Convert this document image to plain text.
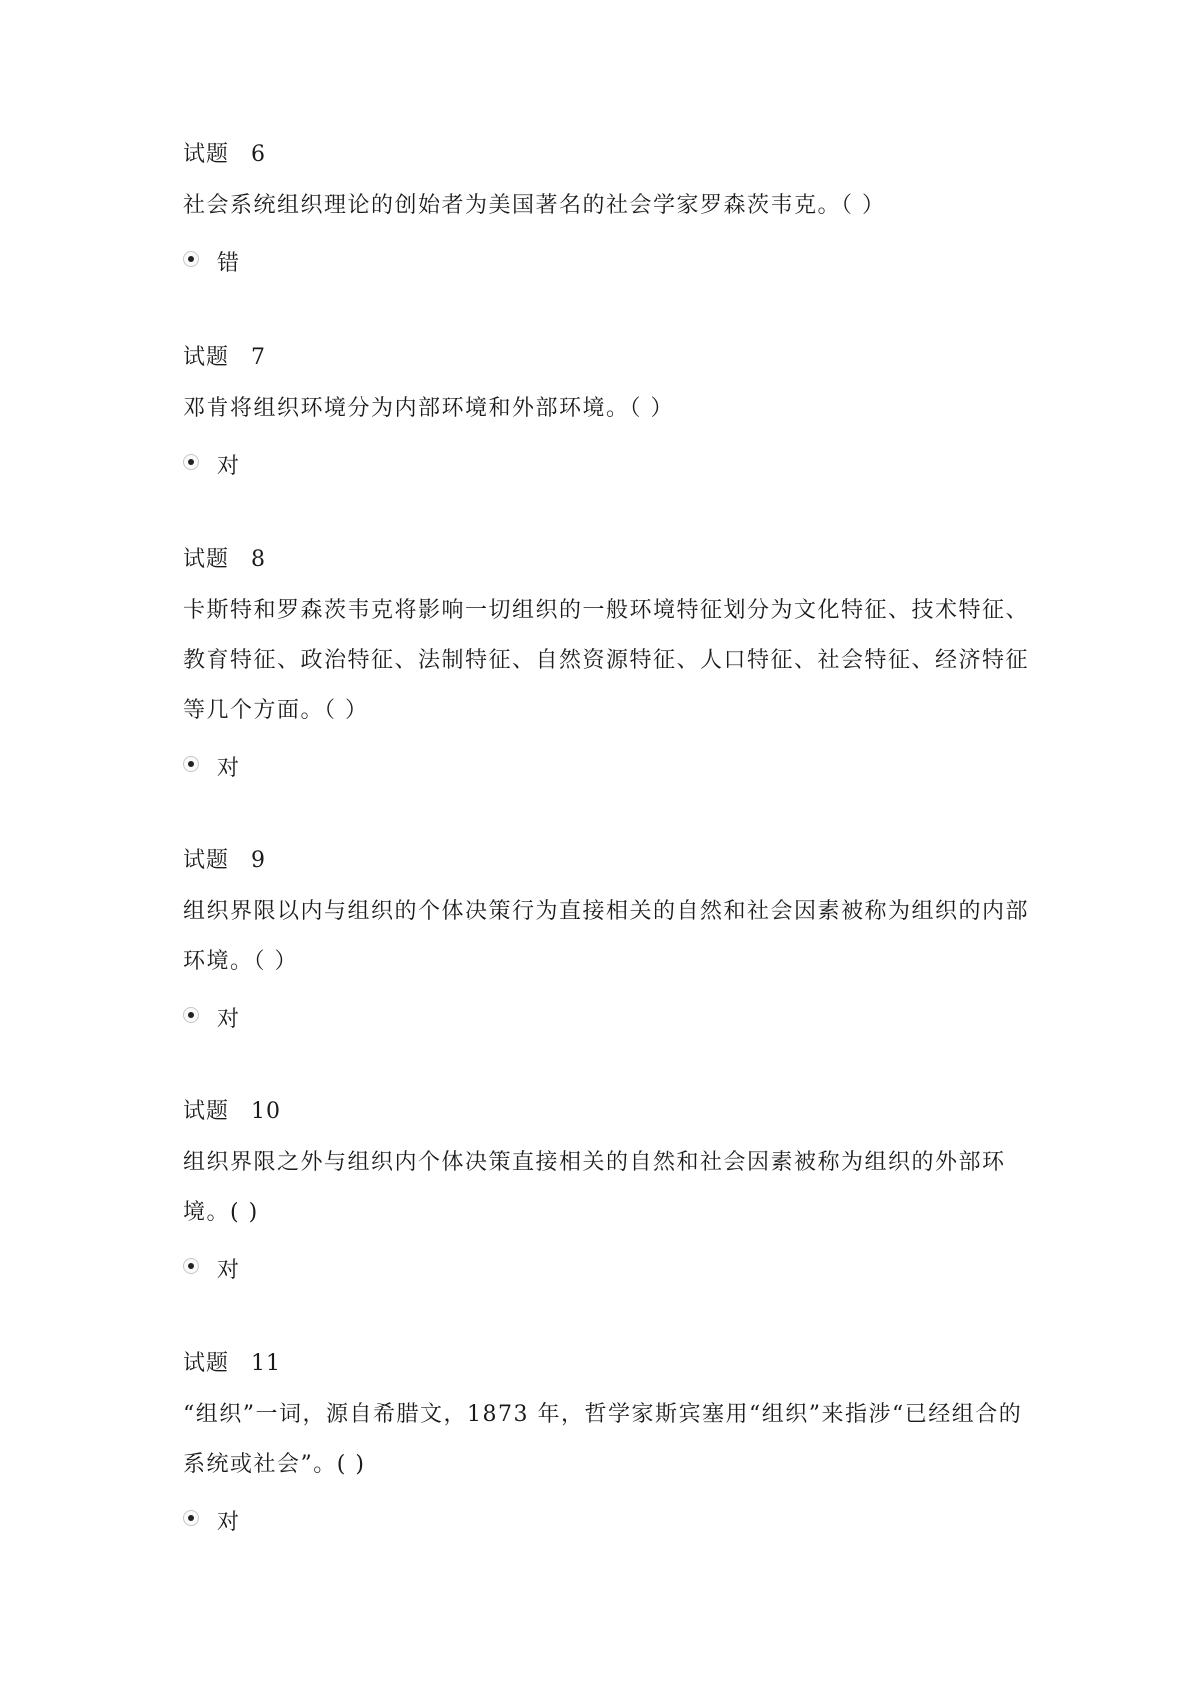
试题 6
社会系统组织理论的创始者为美国著名的社会学家罗森茨韦克。（ ）
错
试题 7
邓肯将组织环境分为内部环境和外部环境。（ ）
对
试题 8
卡斯特和罗森茨韦克将影响一切组织的一般环境特征划分为文化特征、技术特征、教育特征、政治特征、法制特征、自然资源特征、人口特征、社会特征、经济特征等几个方面。（ ）
对
试题 9
组织界限以内与组织的个体决策行为直接相关的自然和社会因素被称为组织的内部环境。（ ）
对
试题 10
组织界限之外与组织内个体决策直接相关的自然和社会因素被称为组织的外部环境。( )
对
试题 11
“组织”一词，源自希腊文，1873 年，哲学家斯宾塞用“组织”来指涉“已经组合的系统或社会”。( )
对
